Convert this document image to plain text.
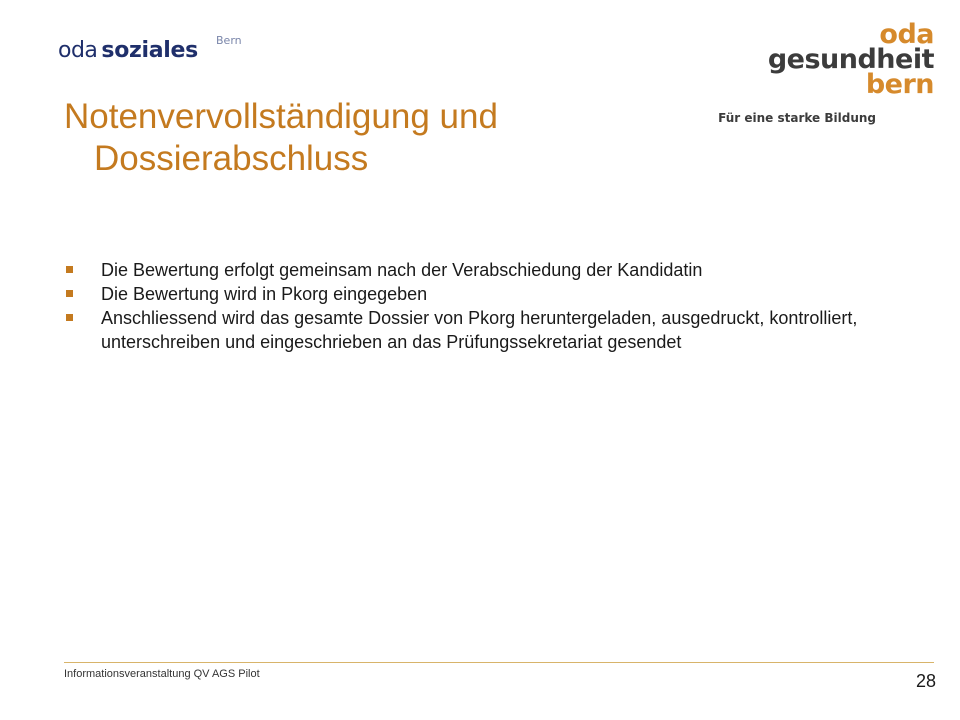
oda soziales Bern	oda
gesundheit
bern
Für eine starke Bildung
Notenvervollständigung und
Dossierabschluss
Die Bewertung erfolgt gemeinsam nach der Verabschiedung der Kandidatin
Die Bewertung wird in Pkorg eingegeben
Anschliessend wird das gesamte Dossier von Pkorg heruntergeladen, ausgedruckt, kontrolliert, unterschreiben und eingeschrieben an das Prüfungssekretariat gesendet
Informationsveranstaltung QV AGS Pilot	28
